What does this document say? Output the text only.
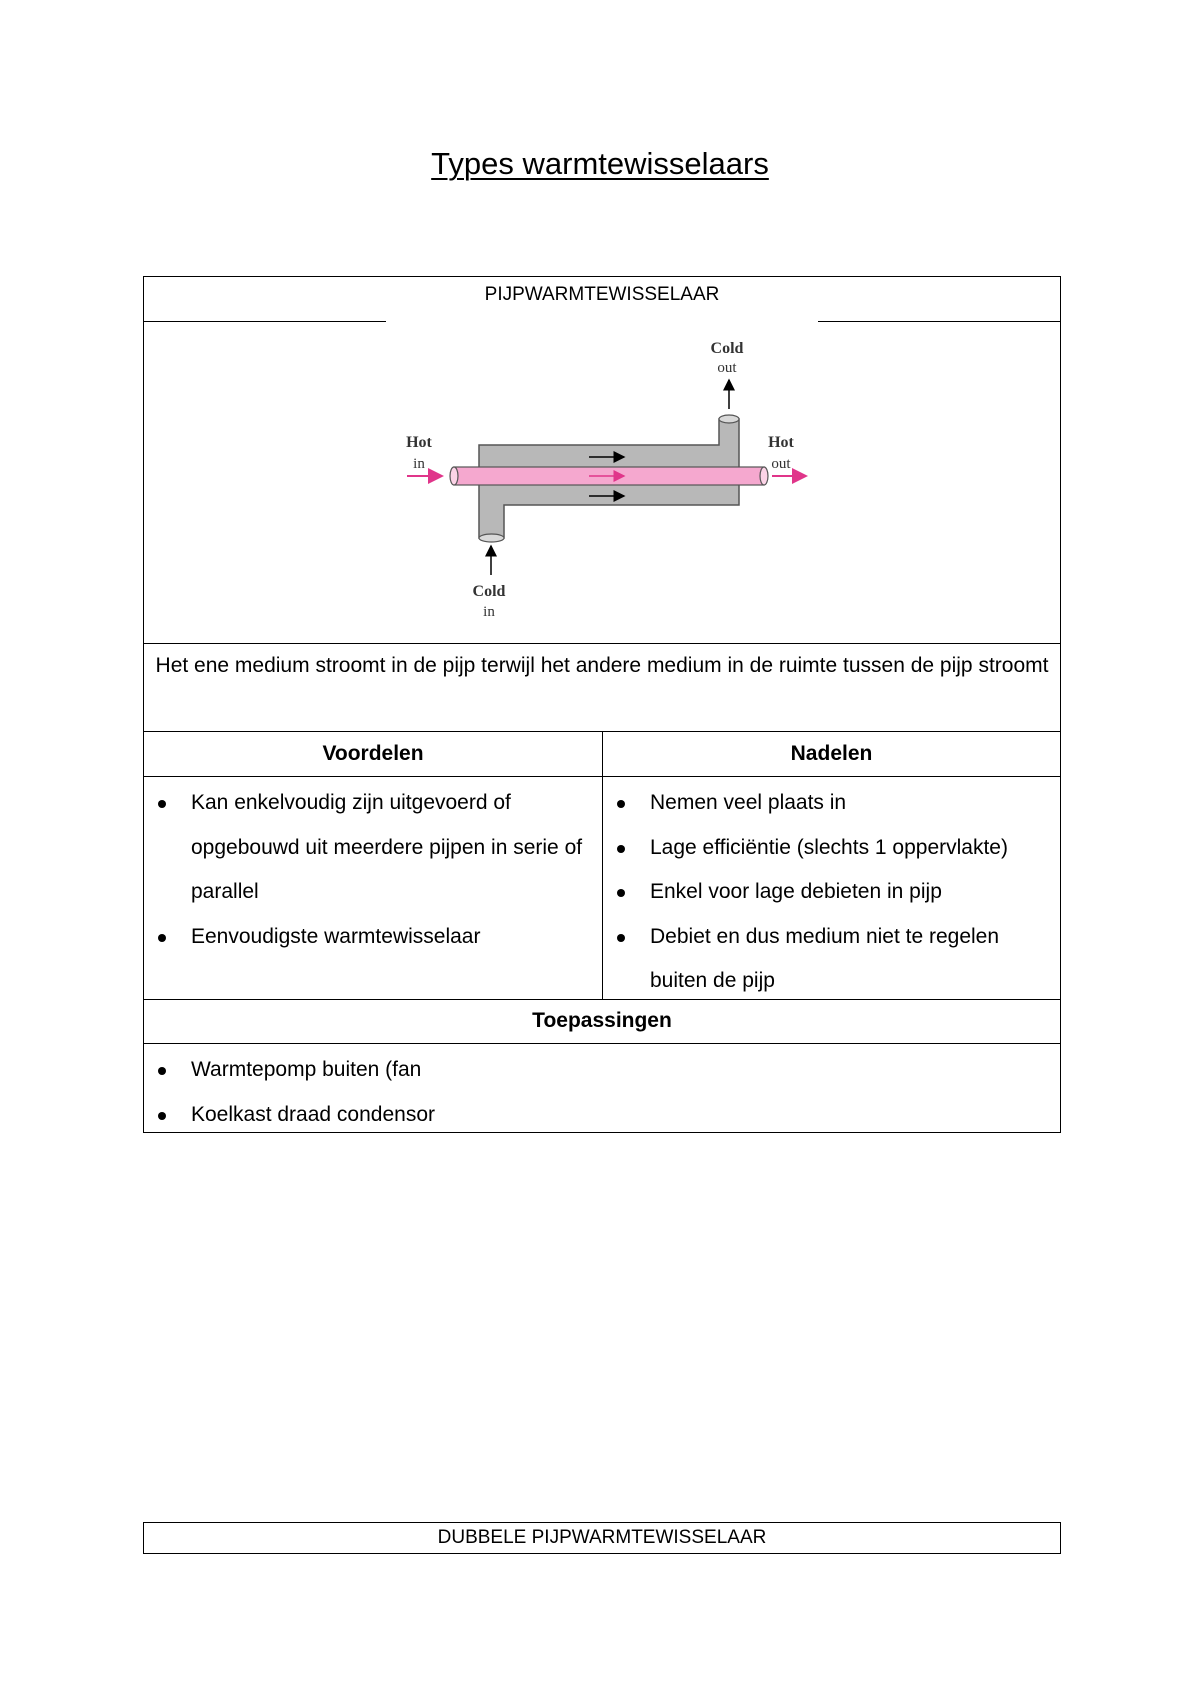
Types warmtewisselaars
PIJPWARMTEWISSELAAR
Cold
out
Hot
in
Hot
out
Cold
in
Het ene medium stroomt in de pijp terwijl het andere medium in de ruimte tussen de pijp stroomt
Voordelen	Nadelen
Kan enkelvoudig zijn uitgevoerd of opgebouwd uit meerdere pijpen in serie of parallel
Eenvoudigste warmtewisselaar
Nemen veel plaats in
Lage efficiëntie (slechts 1 oppervlakte)
Enkel voor lage debieten in pijp
Debiet en dus medium niet te regelen buiten de pijp
Toepassingen
Warmtepomp buiten (fan
Koelkast draad condensor
DUBBELE PIJPWARMTEWISSELAAR
